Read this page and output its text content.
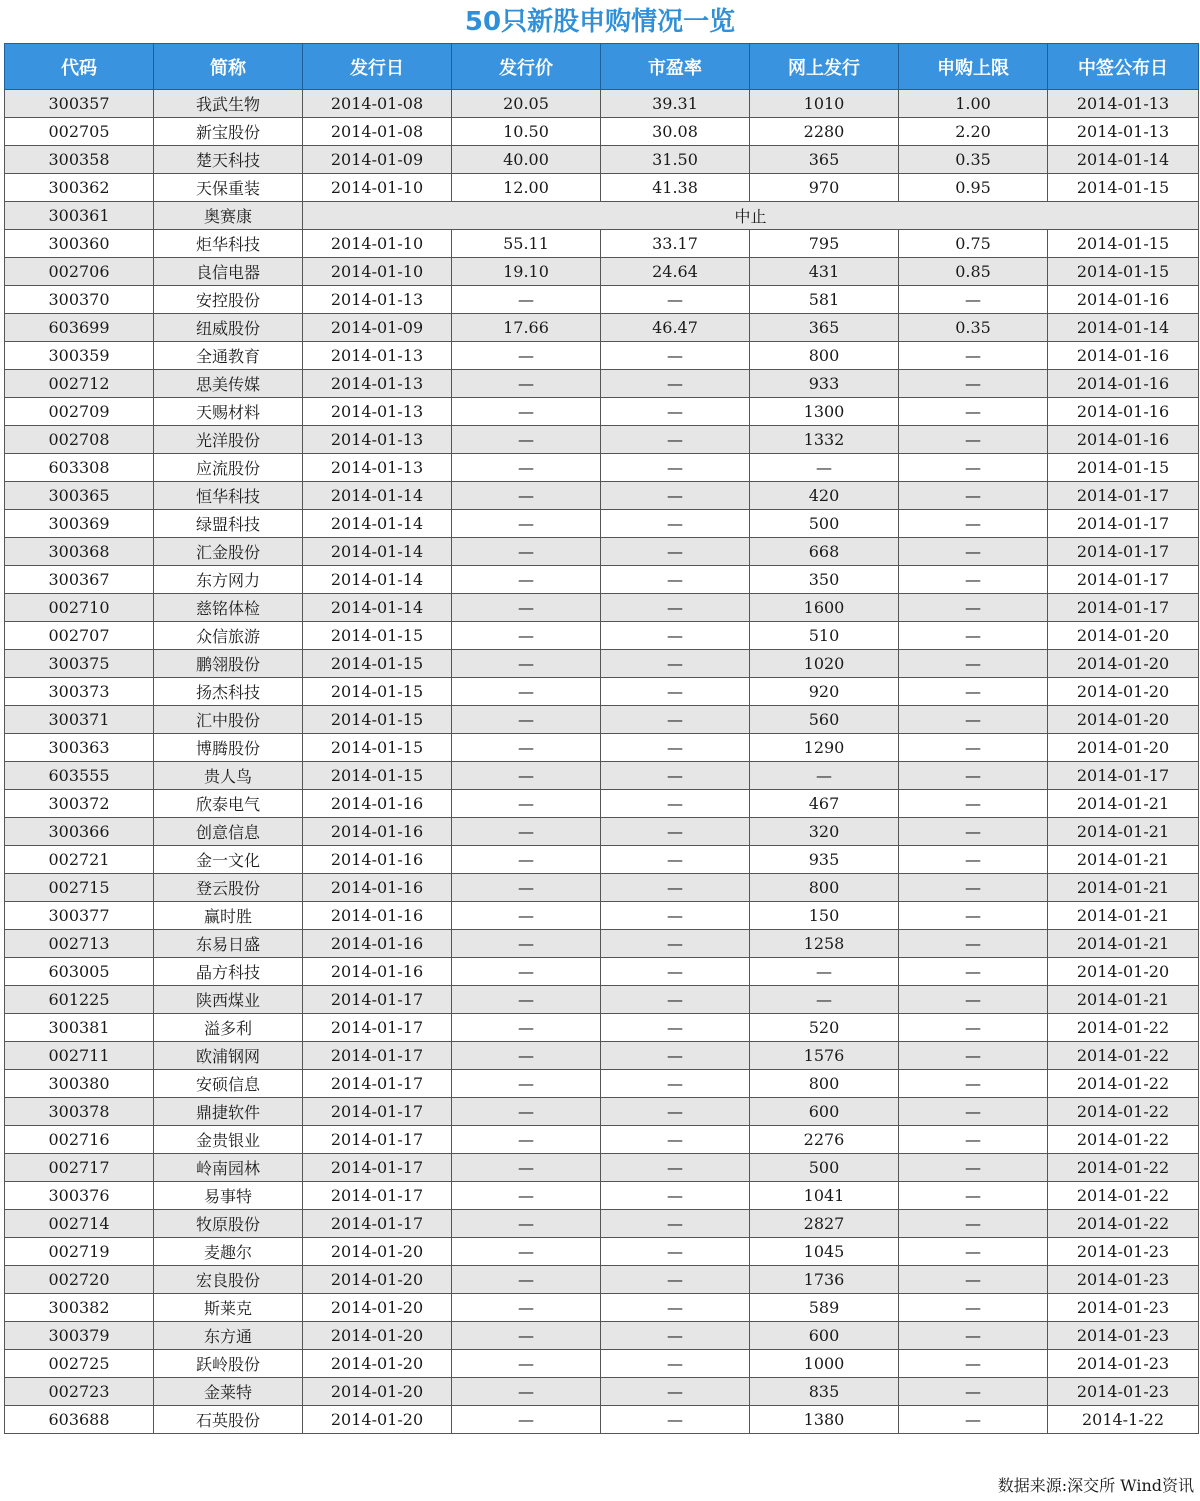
50只新股申购情况一览
代码	简称	发行日	发行价	市盈率	网上发行	申购上限	中签公布日
300357	我武生物	2014-01-08	20.05	39.31	1010	1.00	2014-01-13
002705	新宝股份	2014-01-08	10.50	30.08	2280	2.20	2014-01-13
300358	楚天科技	2014-01-09	40.00	31.50	365	0.35	2014-01-14
300362	天保重装	2014-01-10	12.00	41.38	970	0.95	2014-01-15
300361	奥赛康	中止					
300360	炬华科技	2014-01-10	55.11	33.17	795	0.75	2014-01-15
002706	良信电器	2014-01-10	19.10	24.64	431	0.85	2014-01-15
300370	安控股份	2014-01-13	—	—	581	—	2014-01-16
603699	纽威股份	2014-01-09	17.66	46.47	365	0.35	2014-01-14
300359	全通教育	2014-01-13	—	—	800	—	2014-01-16
002712	思美传媒	2014-01-13	—	—	933	—	2014-01-16
002709	天赐材料	2014-01-13	—	—	1300	—	2014-01-16
002708	光洋股份	2014-01-13	—	—	1332	—	2014-01-16
603308	应流股份	2014-01-13	—	—	—	—	2014-01-15
300365	恒华科技	2014-01-14	—	—	420	—	2014-01-17
300369	绿盟科技	2014-01-14	—	—	500	—	2014-01-17
300368	汇金股份	2014-01-14	—	—	668	—	2014-01-17
300367	东方网力	2014-01-14	—	—	350	—	2014-01-17
002710	慈铭体检	2014-01-14	—	—	1600	—	2014-01-17
002707	众信旅游	2014-01-15	—	—	510	—	2014-01-20
300375	鹏翎股份	2014-01-15	—	—	1020	—	2014-01-20
300373	扬杰科技	2014-01-15	—	—	920	—	2014-01-20
300371	汇中股份	2014-01-15	—	—	560	—	2014-01-20
300363	博腾股份	2014-01-15	—	—	1290	—	2014-01-20
603555	贵人鸟	2014-01-15	—	—	—	—	2014-01-17
300372	欣泰电气	2014-01-16	—	—	467	—	2014-01-21
300366	创意信息	2014-01-16	—	—	320	—	2014-01-21
002721	金一文化	2014-01-16	—	—	935	—	2014-01-21
002715	登云股份	2014-01-16	—	—	800	—	2014-01-21
300377	赢时胜	2014-01-16	—	—	150	—	2014-01-21
002713	东易日盛	2014-01-16	—	—	1258	—	2014-01-21
603005	晶方科技	2014-01-16	—	—	—	—	2014-01-20
601225	陕西煤业	2014-01-17	—	—	—	—	2014-01-21
300381	溢多利	2014-01-17	—	—	520	—	2014-01-22
002711	欧浦钢网	2014-01-17	—	—	1576	—	2014-01-22
300380	安硕信息	2014-01-17	—	—	800	—	2014-01-22
300378	鼎捷软件	2014-01-17	—	—	600	—	2014-01-22
002716	金贵银业	2014-01-17	—	—	2276	—	2014-01-22
002717	岭南园林	2014-01-17	—	—	500	—	2014-01-22
300376	易事特	2014-01-17	—	—	1041	—	2014-01-22
002714	牧原股份	2014-01-17	—	—	2827	—	2014-01-22
002719	麦趣尔	2014-01-20	—	—	1045	—	2014-01-23
002720	宏良股份	2014-01-20	—	—	1736	—	2014-01-23
300382	斯莱克	2014-01-20	—	—	589	—	2014-01-23
300379	东方通	2014-01-20	—	—	600	—	2014-01-23
002725	跃岭股份	2014-01-20	—	—	1000	—	2014-01-23
002723	金莱特	2014-01-20	—	—	835	—	2014-01-23
603688	石英股份	2014-01-20	—	—	1380	—	2014-1-22
数据来源:深交所 Wind资讯
